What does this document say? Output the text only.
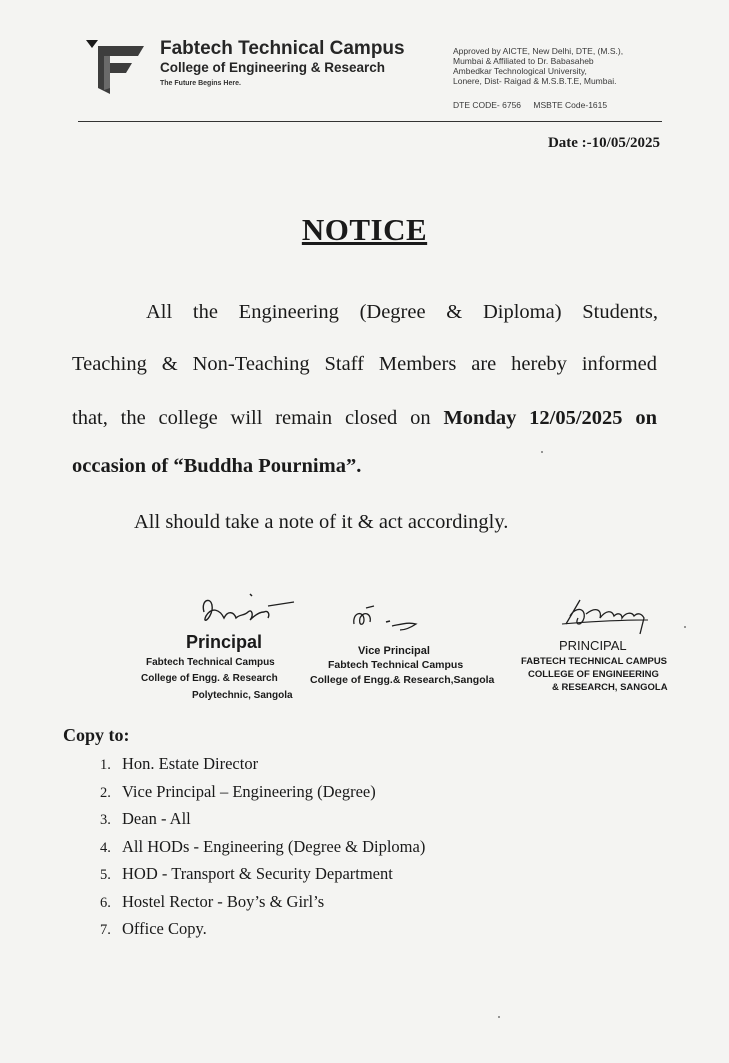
Fabtech Technical Campus
College of Engineering & Research
The Future Begins Here.
Approved by AICTE, New Delhi, DTE, (M.S.),
Mumbai & Affiliated to Dr. Babasaheb
Ambedkar Technological University,
Lonere, Dist- Raigad & M.S.B.T.E, Mumbai.
DTE CODE- 6756 MSBTE Code-1615
Date :-10/05/2025
NOTICE
All the Engineering (Degree & Diploma) Students,
Teaching & Non-Teaching Staff Members are hereby informed
that, the college will remain closed on Monday 12/05/2025 on
occasion of “Buddha Pournima”.
All should take a note of it & act accordingly.
Principal
Fabtech Technical Campus
College of Engg. & Research
Polytechnic, Sangola
Vice Principal
Fabtech Technical Campus
College of Engg.& Research,Sangola
PRINCIPAL
FABTECH TECHNICAL CAMPUS
COLLEGE OF ENGINEERING
& RESEARCH, SANGOLA
Copy to:
1. Hon. Estate Director
2. Vice Principal – Engineering (Degree)
3. Dean - All
4. All HODs - Engineering (Degree & Diploma)
5. HOD - Transport & Security Department
6. Hostel Rector - Boy’s & Girl’s
7. Office Copy.
